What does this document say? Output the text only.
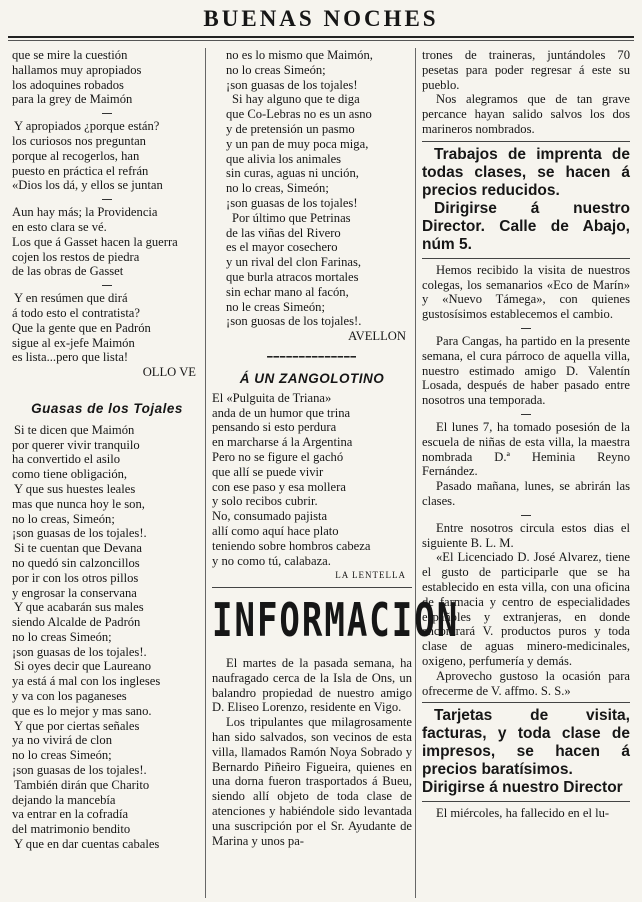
BUENAS NOCHES
que se mire la cuestión
hallamos muy apropiados
los adoquines robados
para la grey de Maimón
Y apropiados ¿porque están?
los curiosos nos preguntan
porque al recogerlos, han
puesto en práctica el refrán
«Dios los dá, y ellos se juntan
Aun hay más; la Providencia
en esto clara se vé.
Los que á Gasset hacen la guerra
cojen los restos de piedra
de las obras de Gasset
Y en resúmen que dirá
á todo esto el contratista?
Que la gente que en Padrón
sigue al ex-jefe Maimón
es lista...pero que lista!
OLLO VE
Guasas de los Tojales
Si te dicen que Maimón
por querer vivir tranquilo
ha convertido el asilo
como tiene obligación,
Y que sus huestes leales
mas que nunca hoy le son,
no lo creas, Simeón;
¡son guasas de los tojales!.
Si te cuentan que Devana
no quedó sin calzoncillos
por ir con los otros pillos
y engrosar la conservana
Y que acabarán sus males
siendo Alcalde de Padrón
no lo creas Simeón;
¡son guasas de los tojales!.
Si oyes decir que Laureano
ya está á mal con los ingleses
y va con los paganeses
que es lo mejor y mas sano.
Y que por ciertas señales
ya no vivirá de clon
no lo creas Simeón;
¡son guasas de los tojales!.
También dirán que Charito
dejando la mancebía
va entrar en la cofradía
del matrimonio bendito
Y que en dar cuentas cabales
no es lo mismo que Maimón,
no lo creas Simeón;
¡son guasas de los tojales!
Si hay alguno que te diga
que Co-Lebras no es un asno
y de pretensión un pasmo
y un pan de muy poca miga,
que alivia los animales
sin curas, aguas ni unción,
no lo creas, Simeón;
¡son guasas de los tojales!
Por último que Petrinas
de las viñas del Rivero
es el mayor cosechero
y un rival del clon Farinas,
que burla atracos mortales
sin echar mano al facón,
no le creas Simeón;
¡son guosas de los tojales!.
AVELLON
━━━━━━━━━━━━━━
Á UN ZANGOLOTINO
El «Pulguita de Triana»
anda de un humor que trina
pensando si esto perdura
en marcharse á la Argentina
Pero no se figure el gachó
que allí se puede vivir
con ese paso y esa mollera
y solo recibos cubrir.
No, consumado pajista
allí como aquí hace plato
teniendo sobre hombros cabeza
y no como tú, calabaza.
LA LENTELLA
INFORMACION
El martes de la pasada semana, ha naufragado cerca de la Isla de Ons, un balandro propiedad de nuestro amigo D. Eliseo Lorenzo, residente en Vigo.
Los tripulantes que milagrosamente han sido salvados, son vecinos de esta villa, llamados Ramón Noya Sobrado y Bernardo Piñeiro Figueira, quienes en una dorna fueron trasportados á Bueu, siendo allí objeto de toda clase de atenciones y habiéndole sido levantada una suscripción por el Sr. Ayudante de Marina y unos pa-
trones de traineras, juntándoles 70 pesetas para poder regresar á este su pueblo.
Nos alegramos que de tan grave percance hayan salido salvos los dos marineros nombrados.
Trabajos de imprenta de todas clases, se hacen á precios reducidos.
Dirigirse á nuestro Director. Calle de Abajo, núm 5.
Hemos recibido la visita de nuestros colegas, los semanarios «Eco de Marín» y «Nuevo Támega», con quienes gustosísimos establecemos el cambio.
Para Cangas, ha partido en la presente semana, el cura párroco de aquella villa, nuestro estimado amigo D. Valentín Losada, después de haber pasado entre nosotros una temporada.
El lunes 7, ha tomado posesión de la escuela de niñas de esta villa, la maestra nombrada D.ª Heminia Reyno Fernández.
Pasado mañana, lunes, se abrirán las clases.
Entre nosotros circula estos dias el siguiente B. L. M.
«El Licenciado D. José Alvarez, tiene el gusto de participarle que se ha establecido en esta villa, con una oficina de farmacia y centro de especialidades españoles y extranjeras, en donde encontrará V. productos puros y toda clase de aguas minero-medicinales, oxigeno, perfumería y demás.
Aprovecho gustoso la ocasión para ofrecerme de V. affmo. S. S.»
Tarjetas de visita, facturas, y toda clase de impresos, se hacen á precios baratísimos.
Dirigirse á nuestro Director
El miércoles, ha fallecido en el lu-
